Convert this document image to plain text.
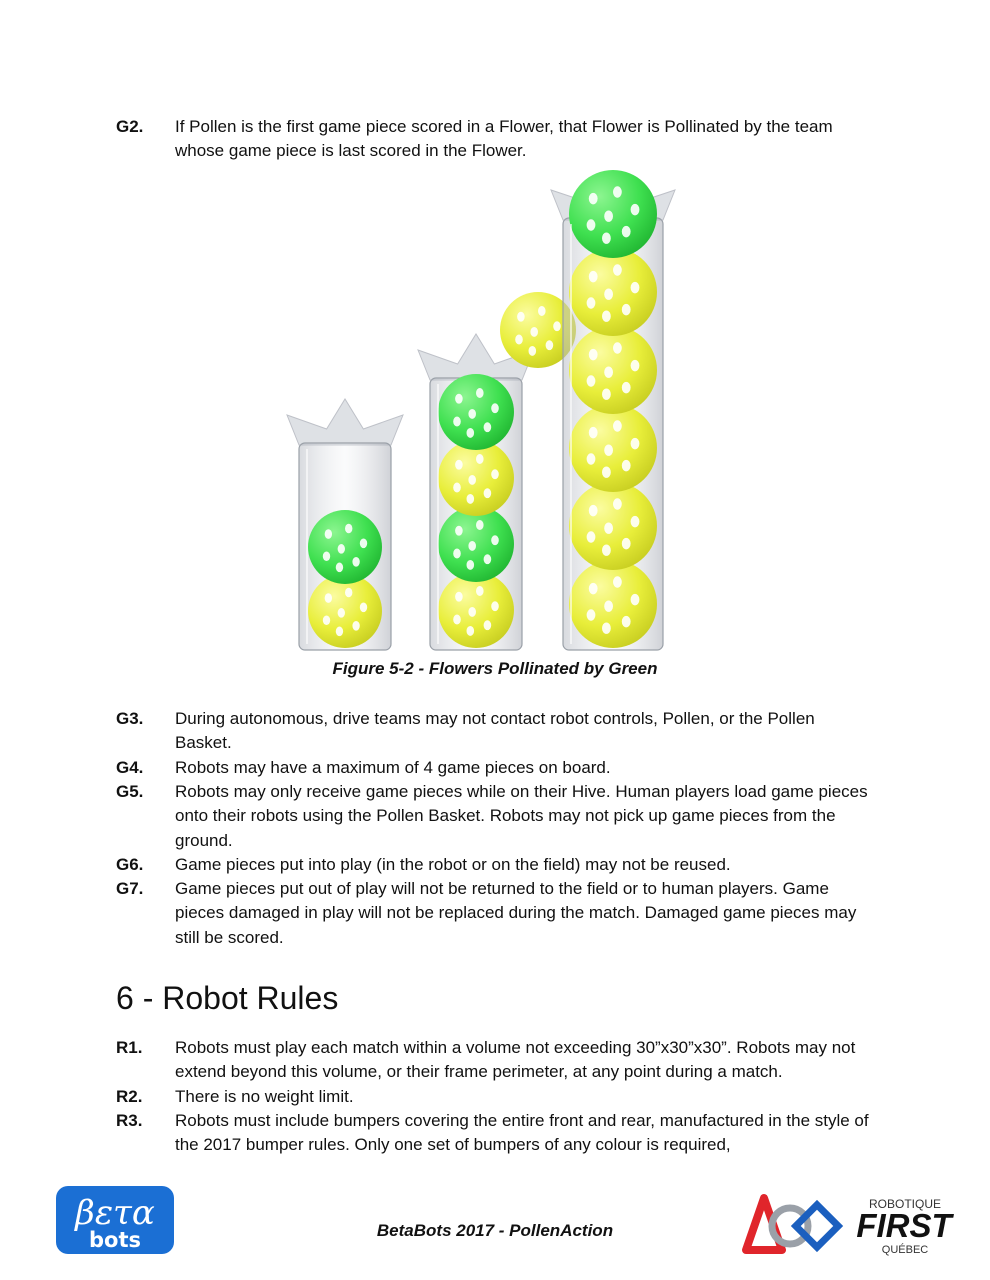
G2. If Pollen is the first game piece scored in a Flower, that Flower is Pollinated by the team whose game piece is last scored in the Flower.
Figure 5-2 - Flowers Pollinated by Green
G3. During autonomous, drive teams may not contact robot controls, Pollen, or the Pollen Basket.
G4. Robots may have a maximum of 4 game pieces on board.
G5. Robots may only receive game pieces while on their Hive. Human players load game pieces onto their robots using the Pollen Basket. Robots may not pick up game pieces from the ground.
G6. Game pieces put into play (in the robot or on the field) may not be reused.
G7. Game pieces put out of play will not be returned to the field or to human players. Game pieces damaged in play will not be replaced during the match. Damaged game pieces may still be scored.
6 - Robot Rules
R1. Robots must play each match within a volume not exceeding 30”x30”x30”. Robots may not extend beyond this volume, or their frame perimeter, at any point during a match.
R2. There is no weight limit.
R3. Robots must include bumpers covering the entire front and rear, manufactured in the style of the 2017 bumper rules. Only one set of bumpers of any colour is required,
βετα
bots	BetaBots 2017 - PollenAction
ROBOTIQUE
FIRST
QUÉBEC
